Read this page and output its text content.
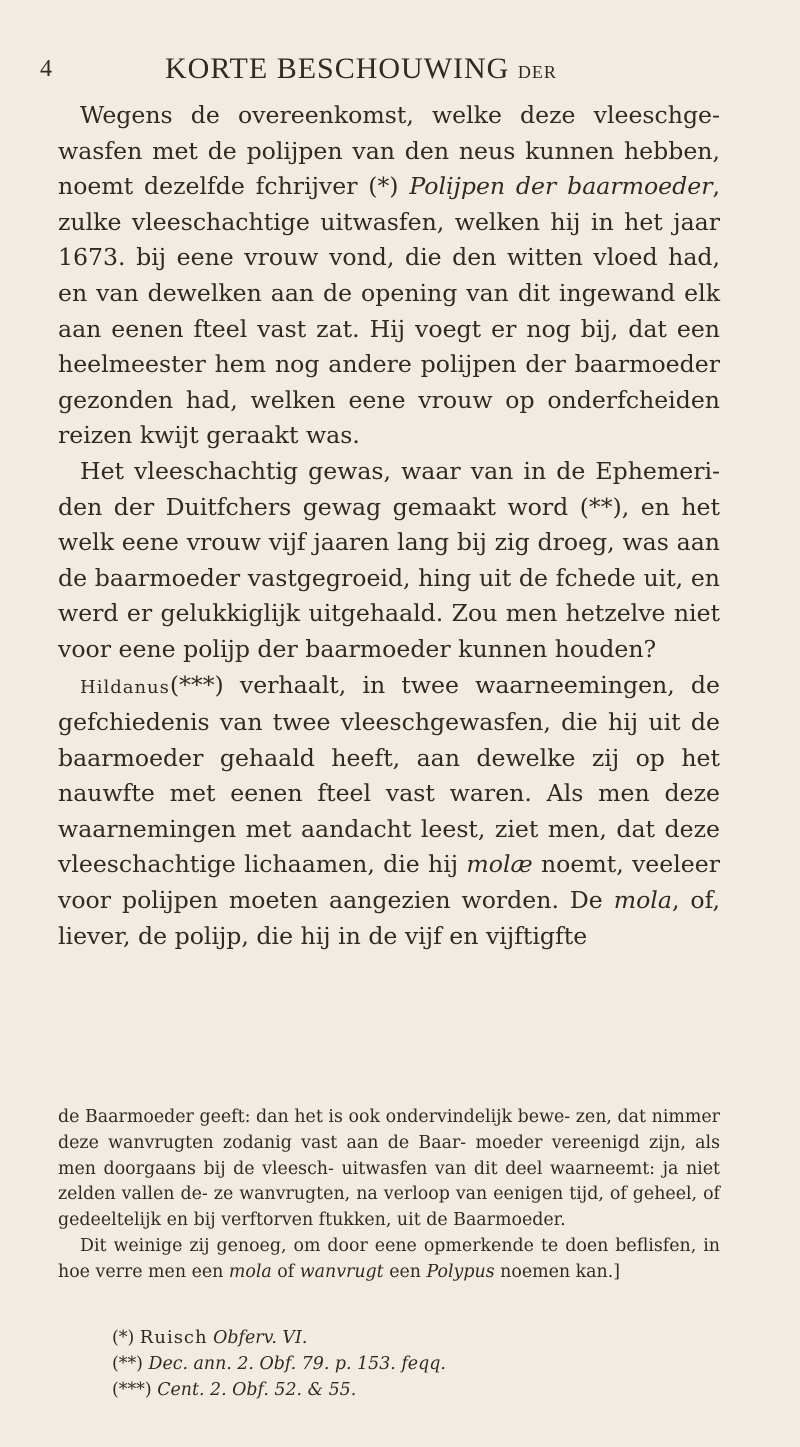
4	KORTE BESCHOUWING DER

Wegens de overeenkomst, welke deze vleeschge- wasfen met de polijpen van den neus kunnen hebben, noemt dezelfde fchrijver (*) Polijpen der baarmoeder, zulke vleeschachtige uitwasfen, welken hij in het jaar 1673. bij eene vrouw vond, die den witten vloed had, en van dewelken aan de opening van dit ingewand elk aan eenen fteel vast zat. Hij voegt er nog bij, dat een heelmeester hem nog andere polijpen der baarmoeder gezonden had, welken eene vrouw op onderfcheiden reizen kwijt geraakt was.

Het vleeschachtig gewas, waar van in de Ephemeri- den der Duitfchers gewag gemaakt word (**), en het welk eene vrouw vijf jaaren lang bij zig droeg, was aan de baarmoeder vastgegroeid, hing uit de fchede uit, en werd er gelukkiglijk uitgehaald. Zou men hetzelve niet voor eene polijp der baarmoeder kunnen houden?

Hildanus(***) verhaalt, in twee waarneemingen, de gefchiedenis van twee vleeschgewasfen, die hij uit de baarmoeder gehaald heeft, aan dewelke zij op het nauwfte met eenen fteel vast waren. Als men deze waarnemingen met aandacht leest, ziet men, dat deze vleeschachtige lichaamen, die hij molæ noemt, veeleer voor polijpen moeten aangezien worden. De mola, of, liever, de polijp, die hij in de vijf en vijftigfte

de Baarmoeder geeft: dan het is ook ondervindelijk bewe- zen, dat nimmer deze wanvrugten zodanig vast aan de Baar- moeder vereenigd zijn, als men doorgaans bij de vleesch- uitwasfen van dit deel waarneemt: ja niet zelden vallen de- ze wanvrugten, na verloop van eenigen tijd, of geheel, of gedeeltelijk en bij verftorven ftukken, uit de Baarmoeder.

Dit weinige zij genoeg, om door eene opmerkende te doen beflisfen, in hoe verre men een mola of wanvrugt een Polypus noemen kan.]

(*) Ruisch Obferv. VI.

(**) Dec. ann. 2. Obf. 79. p. 153. feqq.

(***) Cent. 2. Obf. 52. & 55.
